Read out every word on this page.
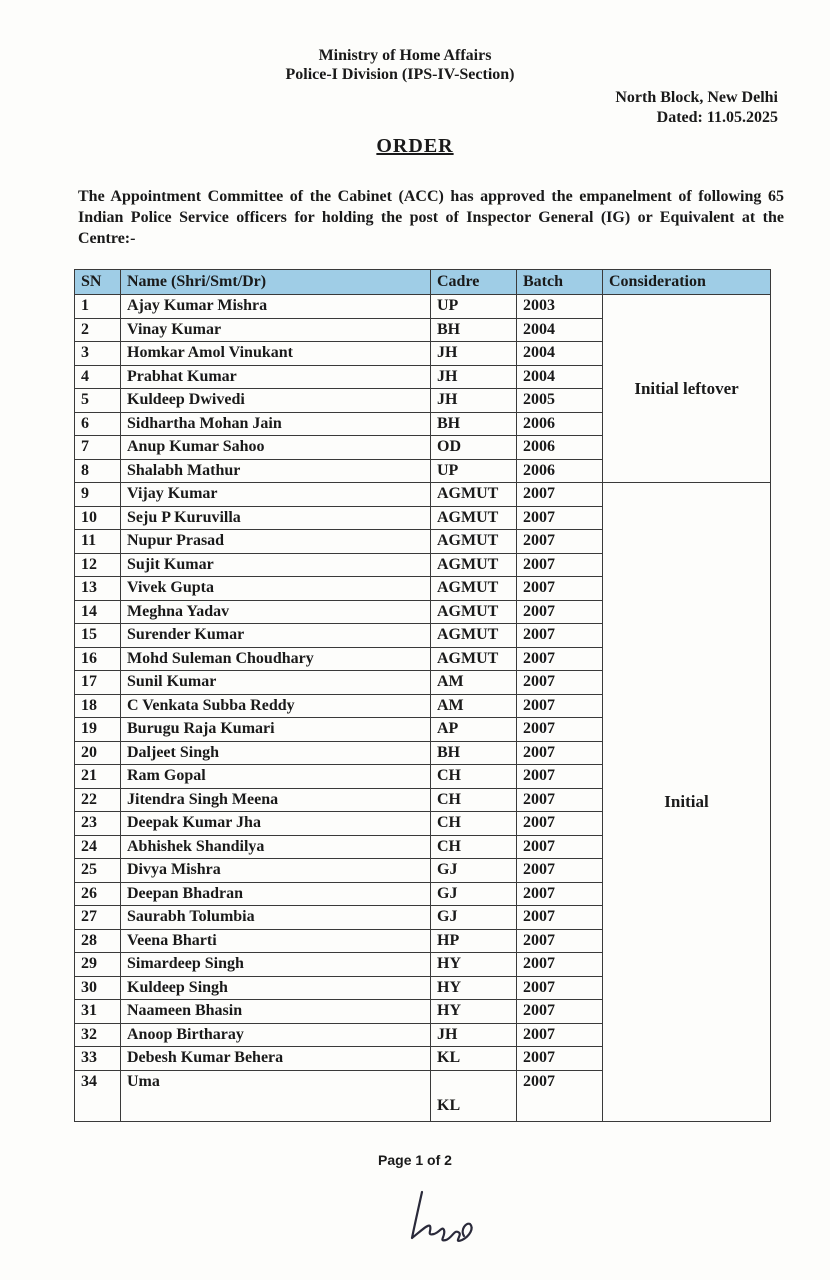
Ministry of Home Affairs
Police-I Division (IPS-IV-Section)
North Block, New Delhi
Dated: 11.05.2025
ORDER
The Appointment Committee of the Cabinet (ACC) has approved the empanelment of following 65 Indian Police Service officers for holding the post of Inspector General (IG) or Equivalent at the Centre:-
SN	Name (Shri/Smt/Dr)	Cadre	Batch	Consideration
1	Ajay Kumar Mishra	UP	2003	Initial leftover
2	Vinay Kumar	BH	2004	
3	Homkar Amol Vinukant	JH	2004	
4	Prabhat Kumar	JH	2004	
5	Kuldeep Dwivedi	JH	2005	
6	Sidhartha Mohan Jain	BH	2006	
7	Anup Kumar Sahoo	OD	2006	
8	Shalabh Mathur	UP	2006	
9	Vijay Kumar	AGMUT	2007	Initial
10	Seju P Kuruvilla	AGMUT	2007	
11	Nupur Prasad	AGMUT	2007	
12	Sujit Kumar	AGMUT	2007	
13	Vivek Gupta	AGMUT	2007	
14	Meghna Yadav	AGMUT	2007	
15	Surender Kumar	AGMUT	2007	
16	Mohd Suleman Choudhary	AGMUT	2007	
17	Sunil Kumar	AM	2007	
18	C Venkata Subba Reddy	AM	2007	
19	Burugu Raja Kumari	AP	2007	
20	Daljeet Singh	BH	2007	
21	Ram Gopal	CH	2007	
22	Jitendra Singh Meena	CH	2007	
23	Deepak Kumar Jha	CH	2007	
24	Abhishek Shandilya	CH	2007	
25	Divya Mishra	GJ	2007	
26	Deepan Bhadran	GJ	2007	
27	Saurabh Tolumbia	GJ	2007	
28	Veena Bharti	HP	2007	
29	Simardeep Singh	HY	2007	
30	Kuldeep Singh	HY	2007	
31	Naameen Bhasin	HY	2007	
32	Anoop Birtharay	JH	2007	
33	Debesh Kumar Behera	KL	2007	
34	Uma	KL	2007	
Page 1 of 2
